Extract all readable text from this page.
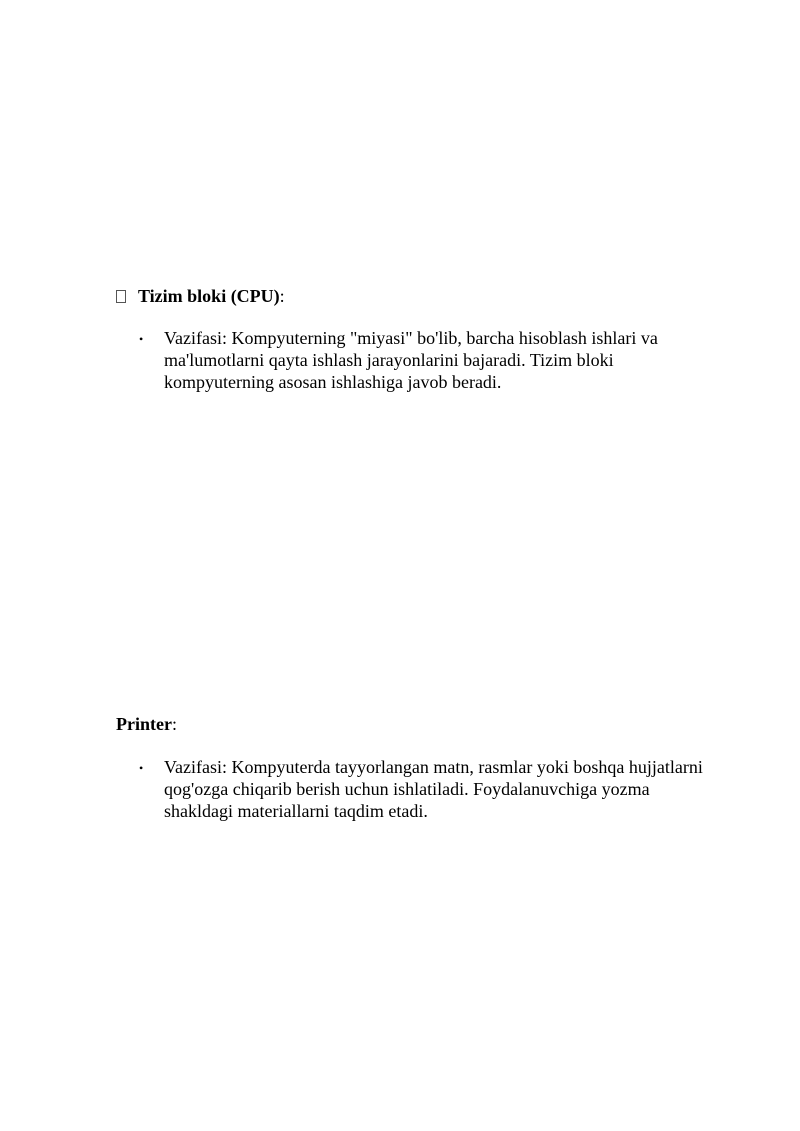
Tizim bloki (CPU):
• Vazifasi: Kompyuterning "miyasi" bo'lib, barcha hisoblash ishlari va
ma'lumotlarni qayta ishlash jarayonlarini bajaradi. Tizim bloki
kompyuterning asosan ishlashiga javob beradi.
Printer:
• Vazifasi: Kompyuterda tayyorlangan matn, rasmlar yoki boshqa hujjatlarni
qog'ozga chiqarib berish uchun ishlatiladi. Foydalanuvchiga yozma
shakldagi materiallarni taqdim etadi.
